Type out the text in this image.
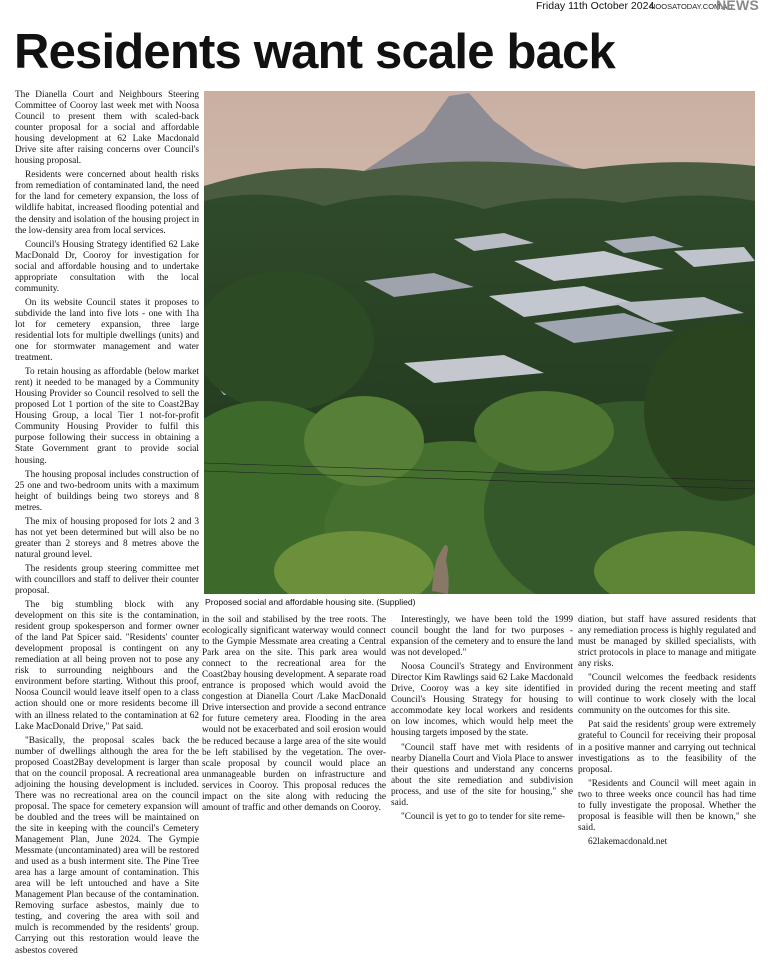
Friday 11th October 2024
NOOSATODAY.COM.AU
NEWS
Residents want scale back

The Dianella Court and Neighbours Steering Committee of Cooroy last week met with Noosa Council to present them with scaled-back counter proposal for a social and affordable housing development at 62 Lake Macdonald Drive site after raising concerns over Council's housing proposal.

Residents were concerned about health risks from remediation of contaminated land, the need for the land for cemetery expansion, the loss of wildlife habitat, increased flooding potential and the density and isolation of the housing project in the low-density area from local services.

Council's Housing Strategy identified 62 Lake MacDonald Dr, Cooroy for investigation for social and affordable housing and to undertake appropriate consultation with the local community.

On its website Council states it proposes to subdivide the land into five lots - one with 1ha lot for cemetery expansion, three large residential lots for multiple dwellings (units) and one for stormwater management and water treatment.

To retain housing as affordable (below market rent) it needed to be managed by a Community Housing Provider so Council resolved to sell the proposed Lot 1 portion of the site to Coast2Bay Housing Group, a local Tier 1 not-for-profit Community Housing Provider to fulfil this purpose following their success in obtaining a State Government grant to provide social housing.

The housing proposal includes construction of 25 one and two-bedroom units with a maximum height of buildings being two storeys and 8 metres.

The mix of housing proposed for lots 2 and 3 has not yet been determined but will also be no greater than 2 storeys and 8 metres above the natural ground level.

The residents group steering committee met with councillors and staff to deliver their counter proposal.

The big stumbling block with any development on this site is the contamination, resident group spokesperson and former owner of the land Pat Spicer said. "Residents' counter development proposal is contingent on any remediation at all being proven not to pose any risk to surrounding neighbours and the environment before starting. Without this proof, Noosa Council would leave itself open to a class action should one or more residents become ill with an illness related to the contamination at 62 Lake MacDonald Drive," Pat said.

"Basically, the proposal scales back the number of dwellings although the area for the proposed Coast2Bay development is larger than that on the council proposal. A recreational area adjoining the housing development is included. There was no recreational area on the council proposal. The space for cemetery expansion will be doubled and the trees will be maintained on the site in keeping with the council's Cemetery Management Plan, June 2024. The Gympie Messmate (uncontaminated) area will be restored and used as a bush interment site. The Pine Tree area has a large amount of contamination. This area will be left untouched and have a Site Management Plan because of the contamination. Removing surface asbestos, mainly due to testing, and covering the area with soil and mulch is recommended by the residents' group. Carrying out this restoration would leave the asbestos covered

Proposed social and affordable housing site. (Supplied)

in the soil and stabilised by the tree roots. The ecologically significant waterway would connect to the Gympie Messmate area creating a Central Park area on the site. This park area would connect to the recreational area for the Coast2bay housing development. A separate road entrance is proposed which would avoid the congestion at Dianella Court /Lake MacDonald Drive intersection and provide a second entrance for future cemetery area. Flooding in the area would not be exacerbated and soil erosion would be reduced because a large area of the site would be left stabilised by the vegetation. The over-scale proposal by council would place an unmanageable burden on infrastructure and services in Cooroy. This proposal reduces the impact on the site along with reducing the amount of traffic and other demands on Cooroy.

Interestingly, we have been told the 1999 council bought the land for two purposes - expansion of the cemetery and to ensure the land was not developed."

Noosa Council's Strategy and Environment Director Kim Rawlings said 62 Lake Macdonald Drive, Cooroy was a key site identified in Council's Housing Strategy for housing to accommodate key local workers and residents on low incomes, which would help meet the housing targets imposed by the state.

"Council staff have met with residents of nearby Dianella Court and Viola Place to answer their questions and understand any concerns about the site remediation and subdivision process, and use of the site for housing," she said.

"Council is yet to go to tender for site reme-

diation, but staff have assured residents that any remediation process is highly regulated and must be managed by skilled specialists, with strict protocols in place to manage and mitigate any risks.

"Council welcomes the feedback residents provided during the recent meeting and staff will continue to work closely with the local community on the outcomes for this site.

Pat said the residents' group were extremely grateful to Council for receiving their proposal in a positive manner and carrying out technical investigations as to the feasibility of the proposal.

"Residents and Council will meet again in two to three weeks once council has had time to fully investigate the proposal. Whether the proposal is feasible will then be known," she said.

62lakemacdonald.net
